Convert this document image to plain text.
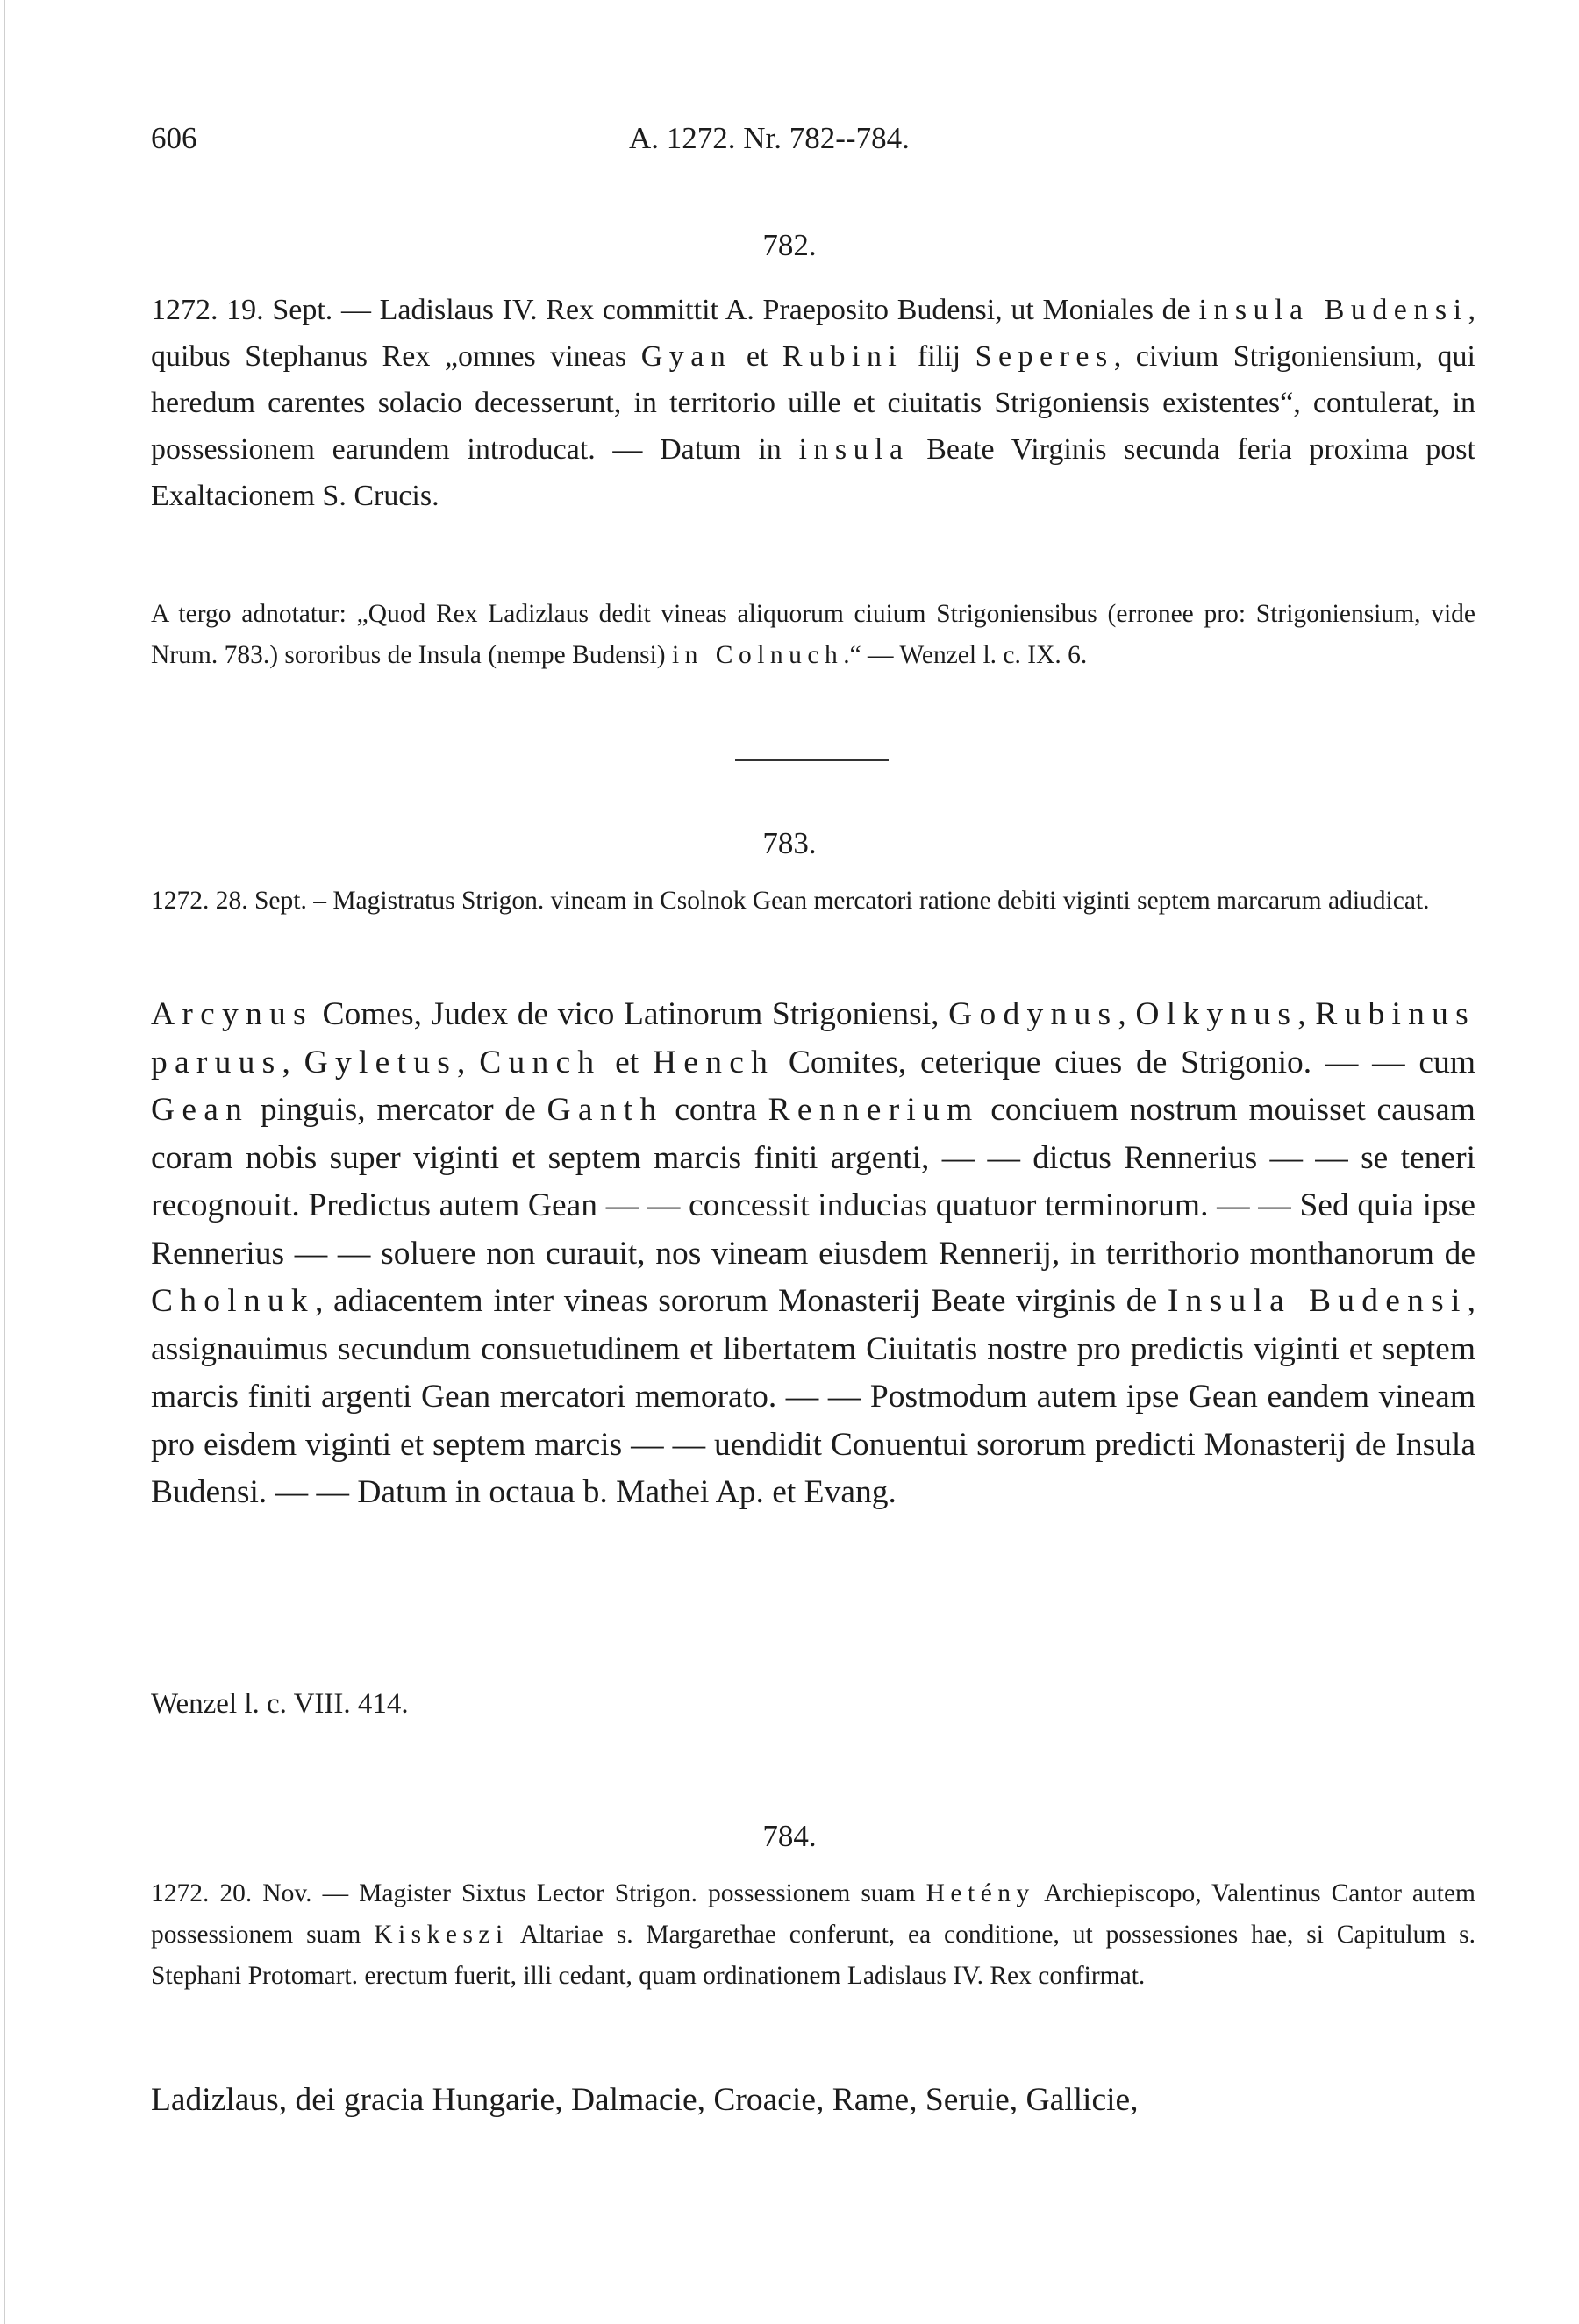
606	A. 1272. Nr. 782--784.
782.

1272. 19. Sept. — Ladislaus IV. Rex committit A. Praeposito Budensi, ut Moniales de insula Budensi, quibus Stephanus Rex „omnes vineas Gyan et Rubini filij Seperes, civium Strigoniensium, qui heredum carentes solacio decesserunt, in territorio uille et ciuitatis Strigoniensis existentes“, contulerat, in possessionem earundem introducat. — Datum in insula Beate Virginis secunda feria proxima post Exaltacionem S. Crucis.

A tergo adnotatur: „Quod Rex Ladizlaus dedit vineas aliquorum ciuium Strigoniensibus (erronee pro: Strigoniensium, vide Nrum. 783.) sororibus de Insula (nempe Budensi) in Colnuch.“ — Wenzel l. c. IX. 6.

783.

1272. 28. Sept. – Magistratus Strigon. vineam in Csolnok Gean mercatori ratione debiti viginti septem marcarum adiudicat.

Arcynus Comes, Judex de vico Latinorum Strigoniensi, Godynus, Olkynus, Rubinus paruus, Gyletus, Cunch et Hench Comites, ceterique ciues de Strigonio. — — cum Gean pinguis, mercator de Ganth contra Rennerium conciuem nostrum mouisset causam coram nobis super viginti et septem marcis finiti argenti, — — dictus Rennerius — — se teneri recognouit. Predictus autem Gean — — concessit inducias quatuor terminorum. — — Sed quia ipse Rennerius — — soluere non curauit, nos vineam eiusdem Rennerij, in territhorio monthanorum de Cholnuk, adiacentem inter vineas sororum Monasterij Beate virginis de Insula Budensi, assignauimus secundum consuetudinem et libertatem Ciuitatis nostre pro predictis viginti et septem marcis finiti argenti Gean mercatori memorato. — — Postmodum autem ipse Gean eandem vineam pro eisdem viginti et septem marcis — — uendidit Conuentui sororum predicti Monasterij de Insula Budensi. — — Datum in octaua b. Mathei Ap. et Evang.

Wenzel l. c. VIII. 414.
784.

1272. 20. Nov. — Magister Sixtus Lector Strigon. possessionem suam Hetény Archiepiscopo, Valentinus Cantor autem possessionem suam Kiskeszi Altariae s. Margarethae conferunt, ea conditione, ut possessiones hae, si Capitulum s. Stephani Protomart. erectum fuerit, illi cedant, quam ordinationem Ladislaus IV. Rex confirmat.

Ladizlaus, dei gracia Hungarie, Dalmacie, Croacie, Rame, Seruie, Gallicie,
